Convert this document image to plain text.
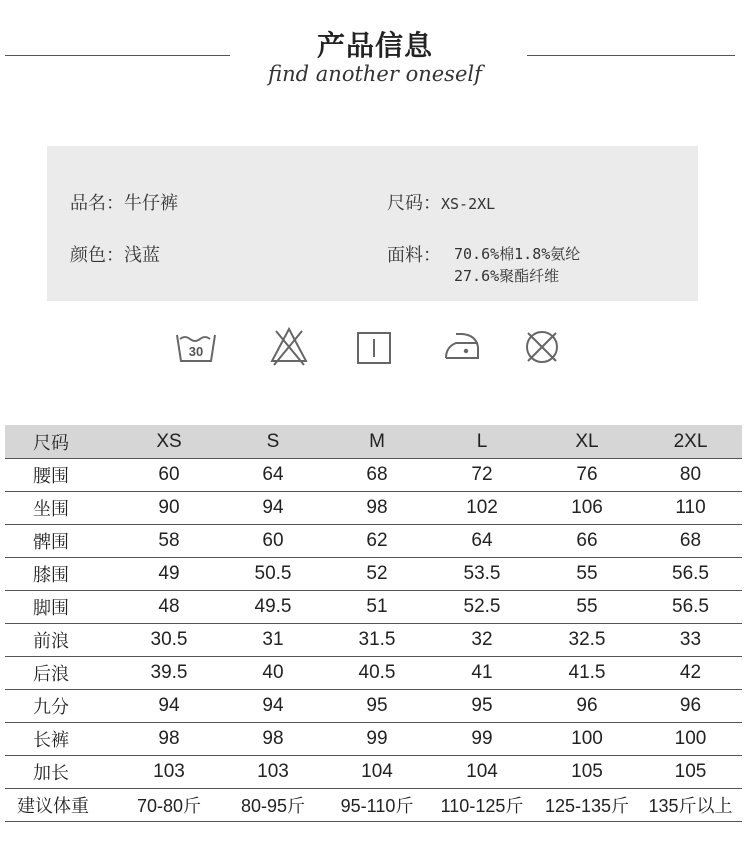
产品信息
find another oneself
品名：牛仔裤	尺码：XS-2XL
颜色：浅蓝	面料： 70.6%棉1.8%氨纶
27.6%聚酯纤维
30
尺码	XS	S	M	L	XL	2XL
腰围	60	64	68	72	76	80
坐围	90	94	98	102	106	110
髀围	58	60	62	64	66	68
膝围	49	50.5	52	53.5	55	56.5
脚围	48	49.5	51	52.5	55	56.5
前浪	30.5	31	31.5	32	32.5	33
后浪	39.5	40	40.5	41	41.5	42
九分	94	94	95	95	96	96
长裤	98	98	99	99	100	100
加长	103	103	104	104	105	105
建议体重	70-80斤	80-95斤	95-110斤	110-125斤	125-135斤	135斤以上
